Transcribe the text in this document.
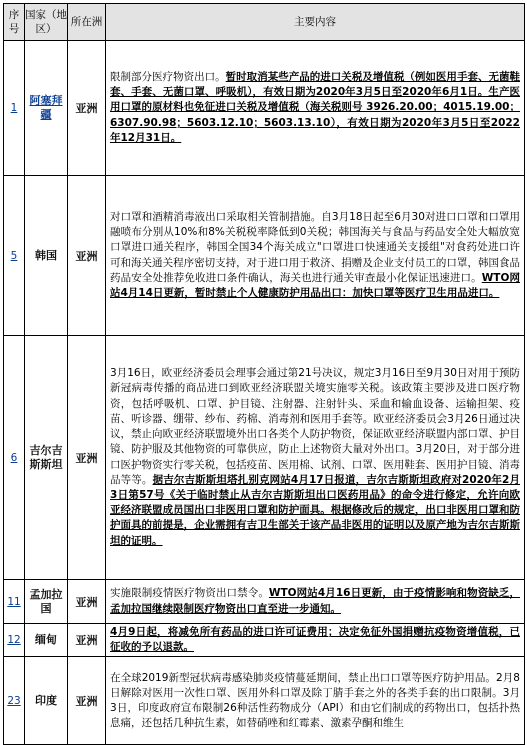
序号	国家（地区）	所在洲	主要内容
1	阿塞拜疆	亚洲	限制部分医疗物资出口。暂时取消某些产品的进口关税及增值税（例如医用手套、无菌鞋套、手套、无菌口罩、呼吸机），有效日期为2020年3月5日至2020年6月1日。生产医用口罩的原材料也免征进口关税及增值税（海关税则号 3926.20.00；4015.19.00；6307.90.98；5603.12.10；5603.13.10），有效日期为2020年3月5日至2022年12月31日。
5	韩国	亚洲	对口罩和酒精消毒液出口采取相关管制措施。自3月18日起至6月30对进口口罩和口罩用融喷布分别从10%和8%关税税率降低到0关税；韩国海关与食品与药品安全处大幅放宽口罩进口通关程序，韩国全国34个海关成立"口罩进口快速通关支援组"对食药处进口许可和海关通关程序密切支持，对于进口用于救济、捐赠及企业支付员工的口罩，韩国食品药品安全处推荐免收进口条件确认，海关也进行通关审查最小化保证迅速进口。WTO网站4月14日更新，暂时禁止个人健康防护用品出口：加快口罩等医疗卫生用品进口。
6	吉尔吉斯斯坦	亚洲	3月16日，欧亚经济委员会理事会通过第21号决议，规定3月16日至9月30日对用于预防新冠病毒传播的商品进口到欧亚经济联盟关境实施零关税。该政策主要涉及进口医疗物资，包括呼吸机、口罩、护目镜、注射器、注射针头、采血和输血设备、运输担架、疫苗、听诊器、绷带、纱布、药棉、消毒剂和医用手套等。欧亚经济委员会3月26日通过决议，禁止向欧亚经济联盟境外出口各类个人防护物资，保证欧亚经济联盟内部口罩、护目镜、防护服及其他物资的可靠供应，防止上述物资大量对外出口。3月20日，对于部分进口医护物资实行零关税，包括疫苗、医用棉、试剂、口罩、医用鞋套、医用护目镜、消毒品等等。据吉尔吉斯斯坦塔扎别克网站4月17日报道，吉尔吉斯斯坦政府对2020年2月3日第57号《关于临时禁止从吉尔吉斯斯坦出口医药用品》的命令进行修定，允许向欧亚经济联盟成员国出口非医用口罩和防护面具。根据修改后的规定，出口非医用口罩和防护面具的前提是，企业需拥有吉卫生部关于该产品非医用的证明以及原产地为吉尔吉斯斯坦的证明。
11	孟加拉国	亚洲	实施限制疫情医疗物资出口禁令。WTO网站4月16日更新，由于疫情影响和物资缺乏，孟加拉国继续限制医疗物资出口直至进一步通知。
12	缅甸	亚洲	4月9日起，将减免所有药品的进口许可证费用；决定免征外国捐赠抗疫物资增值税，已征收的予以退款。
23	印度	亚洲	在全球2019新型冠状病毒感染肺炎疫情蔓延期间，禁止出口口罩等医疗防护用品。2月8日解除对医用一次性口罩、医用外科口罩及除丁腈手套之外的各类手套的出口限制。3月3日，印度政府宣布限制26种活性药物成分（API）和由它们制成的药物出口，包括扑热息痛，还包括几种抗生素，如替硝唑和红霉素、激素孕酮和维生
